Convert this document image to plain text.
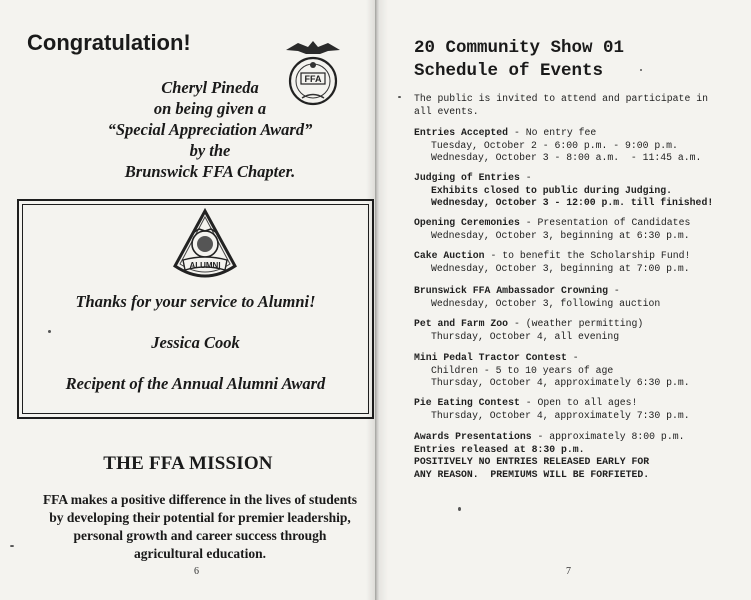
Congratulation!
FFA
Cheryl Pineda
on being given a
“Special Appreciation Award”
by the
Brunswick FFA Chapter.
ALUMNI
Thanks for your service to Alumni!
Jessica Cook
Recipent of the Annual Alumni Award
THE FFA MISSION
FFA makes a positive difference in the lives of students
by developing their potential for premier leadership,
personal growth and career success through
agricultural education.
6
20 Community Show 01
Schedule of Events
The public is invited to attend and participate in
all events.
Entries Accepted - No entry fee
Tuesday, October 2 - 6:00 p.m. - 9:00 p.m.
Wednesday, October 3 - 8:00 a.m.  - 11:45 a.m.
Judging of Entries -
Exhibits closed to public during Judging.
Wednesday, October 3 - 12:00 p.m. till finished!
Opening Ceremonies - Presentation of Candidates
Wednesday, October 3, beginning at 6:30 p.m.
Cake Auction - to benefit the Scholarship Fund!
Wednesday, October 3, beginning at 7:00 p.m.
Brunswick FFA Ambassador Crowning -
Wednesday, October 3, following auction
Pet and Farm Zoo - (weather permitting)
Thursday, October 4, all evening
Mini Pedal Tractor Contest -
Children - 5 to 10 years of age
Thursday, October 4, approximately 6:30 p.m.
Pie Eating Contest - Open to all ages!
Thursday, October 4, approximately 7:30 p.m.
Awards Presentations - approximately 8:00 p.m.
Entries released at 8:30 p.m.
POSITIVELY NO ENTRIES RELEASED EARLY FOR
ANY REASON.  PREMIUMS WILL BE FORFIETED.
7
